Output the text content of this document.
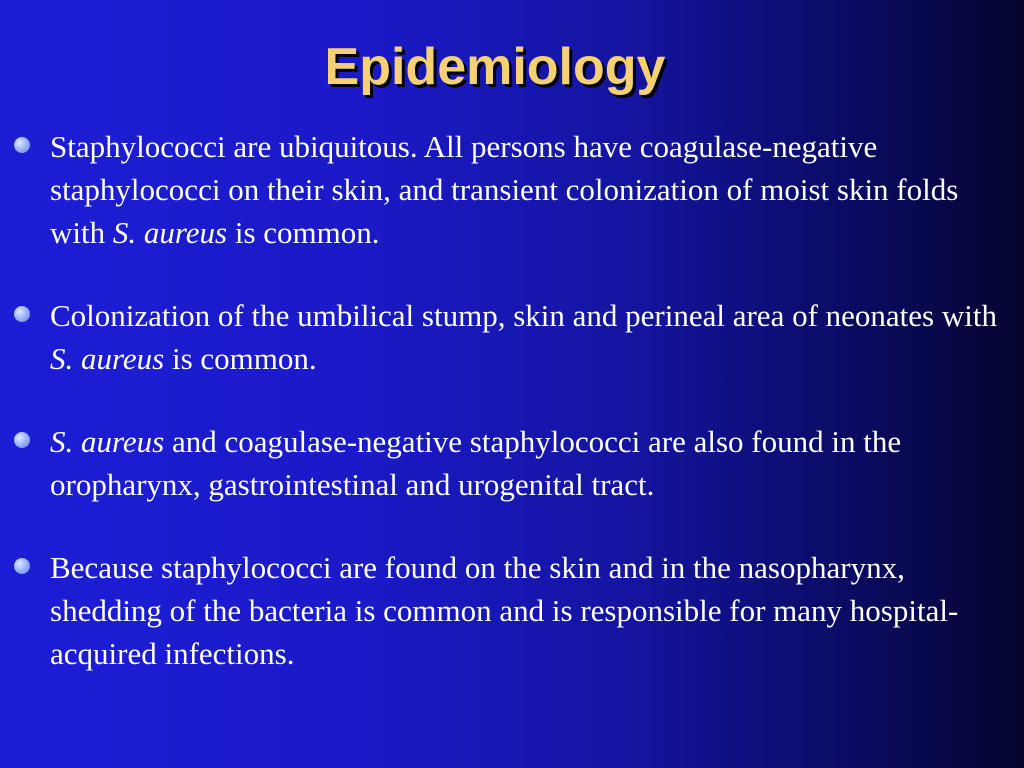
Epidemiology
Staphylococci are ubiquitous. All persons have coagulase-negative staphylococci on their skin, and transient colonization of moist skin folds with S. aureus is common.
Colonization of the umbilical stump, skin and perineal area of neonates with S. aureus is common.
S. aureus and coagulase-negative staphylococci are also found in the oropharynx, gastrointestinal and urogenital tract.
Because staphylococci are found on the skin and in the nasopharynx, shedding of the bacteria is common and is responsible for many hospital-acquired infections.
